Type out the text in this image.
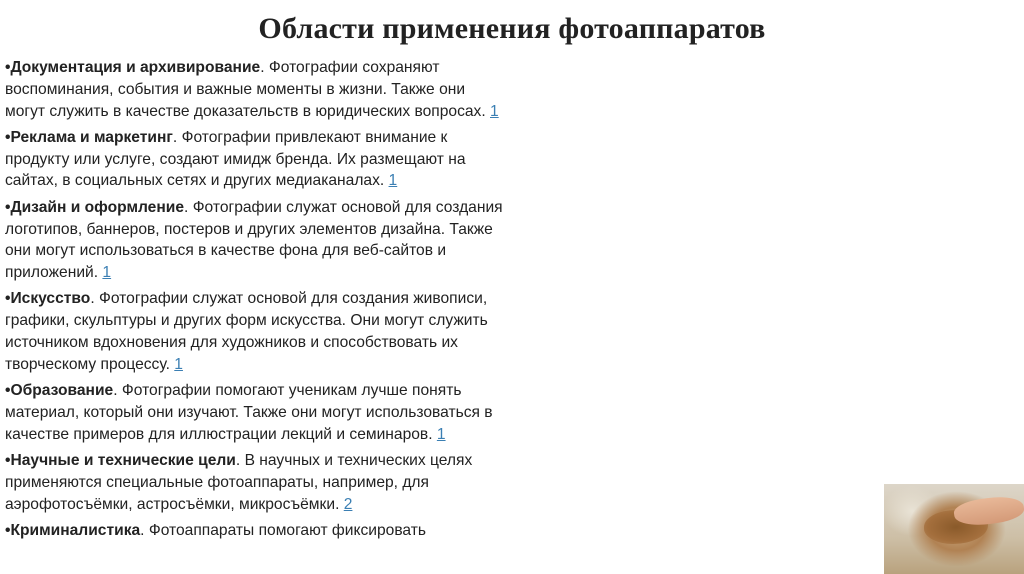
Области применения фотоаппаратов
•Документация и архивирование. Фотографии сохраняют воспоминания, события и важные моменты в жизни. Также они могут служить в качестве доказательств в юридических вопросах. 1
•Реклама и маркетинг. Фотографии привлекают внимание к продукту или услуге, создают имидж бренда. Их размещают на сайтах, в социальных сетях и других медиаканалах. 1
•Дизайн и оформление. Фотографии служат основой для создания логотипов, баннеров, постеров и других элементов дизайна. Также они могут использоваться в качестве фона для веб-сайтов и приложений. 1
•Искусство. Фотографии служат основой для создания живописи, графики, скульптуры и других форм искусства. Они могут служить источником вдохновения для художников и способствовать их творческому процессу. 1
•Образование. Фотографии помогают ученикам лучше понять материал, который они изучают. Также они могут использоваться в качестве примеров для иллюстрации лекций и семинаров. 1
•Научные и технические цели. В научных и технических целях применяются специальные фотоаппараты, например, для аэрофотосъёмки, астросъёмки, микросъёмки. 2
•Криминалистика. Фотоаппараты помогают фиксировать
